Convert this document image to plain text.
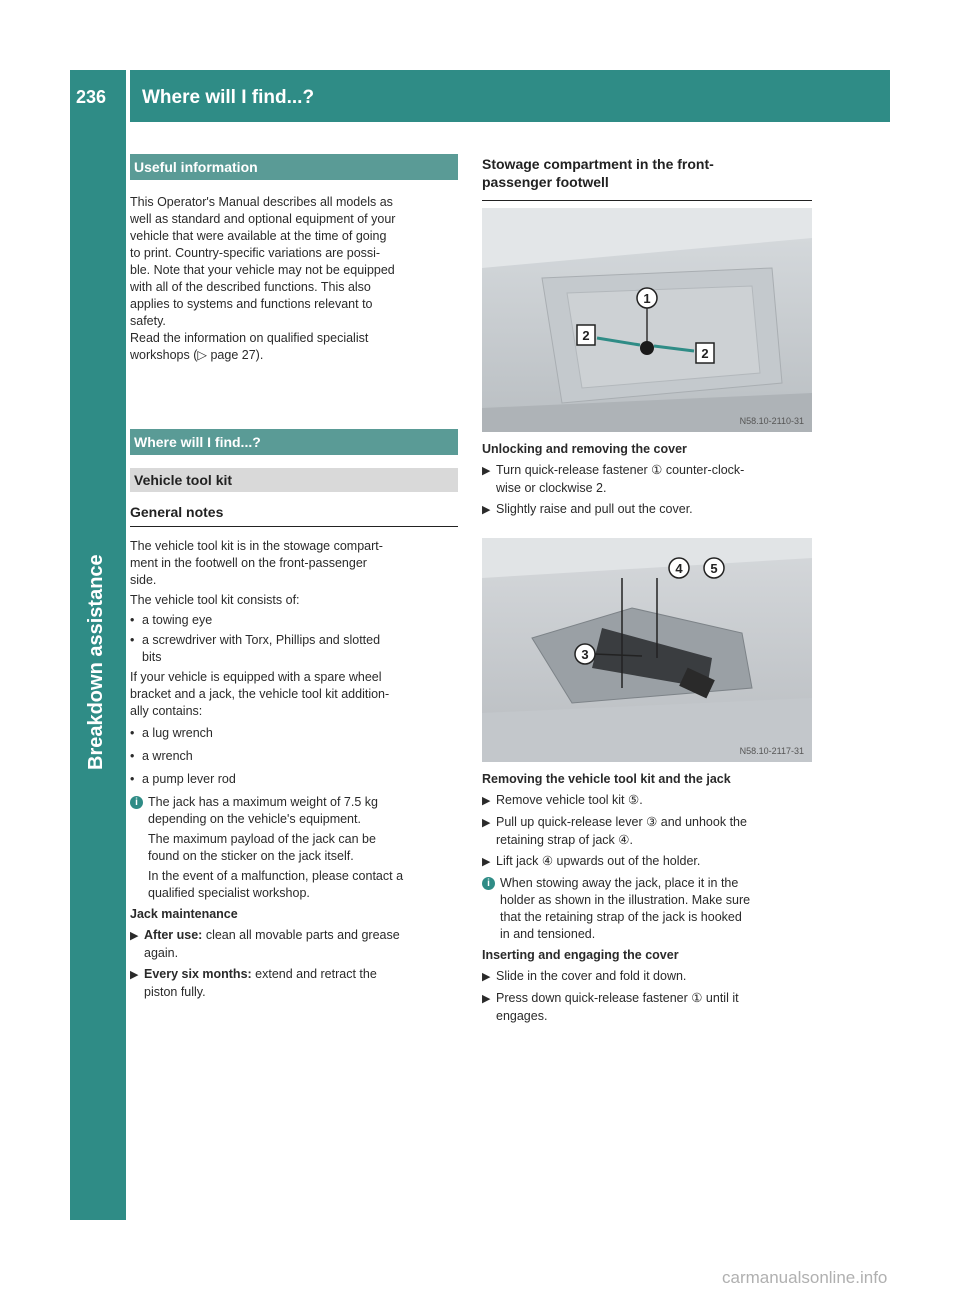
236 Where will I find...?
Breakdown assistance
Useful information
This Operator's Manual describes all models as
well as standard and optional equipment of your
vehicle that were available at the time of going
to print. Country-specific variations are possi-
ble. Note that your vehicle may not be equipped
with all of the described functions. This also
applies to systems and functions relevant to
safety.
Read the information on qualified specialist
workshops (▷ page 27).
Where will I find...?
Vehicle tool kit
General notes
The vehicle tool kit is in the stowage compart-
ment in the footwell on the front-passenger
side.
The vehicle tool kit consists of:
• a towing eye
• a screwdriver with Torx, Phillips and slotted
bits
If your vehicle is equipped with a spare wheel
bracket and a jack, the vehicle tool kit addition-
ally contains:
• a lug wrench
• a wrench
• a pump lever rod
i The jack has a maximum weight of 7.5 kg
depending on the vehicle's equipment.
The maximum payload of the jack can be
found on the sticker on the jack itself.
In the event of a malfunction, please contact a
qualified specialist workshop.
Jack maintenance
▶ After use: clean all movable parts and grease
again.
▶ Every six months: extend and retract the
piston fully.
Stowage compartment in the front-
passenger footwell
1
2
2
N58.10-2110-31
Unlocking and removing the cover
▶ Turn quick-release fastener ① counter-clock-
wise or clockwise 2.
▶ Slightly raise and pull out the cover.
3
4 5
N58.10-2117-31
Removing the vehicle tool kit and the jack
▶ Remove vehicle tool kit ⑤.
▶ Pull up quick-release lever ③ and unhook the
retaining strap of jack ④.
▶ Lift jack ④ upwards out of the holder.
i When stowing away the jack, place it in the
holder as shown in the illustration. Make sure
that the retaining strap of the jack is hooked
in and tensioned.
Inserting and engaging the cover
▶ Slide in the cover and fold it down.
▶ Press down quick-release fastener ① until it
engages.
carmanualsonline.info
